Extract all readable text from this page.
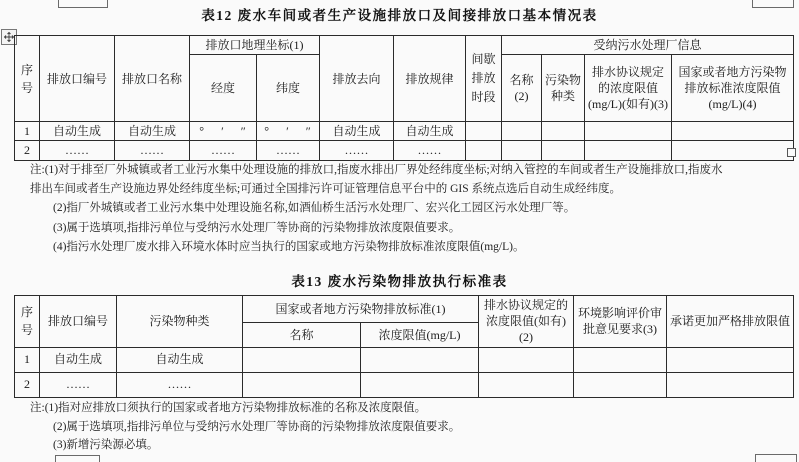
表12 废水车间或者生产设施排放口及间接排放口基本情况表
序号	排放口编号	排放口名称	排放口地理坐标(1)		排放去向	排放规律	间歇排放时段	受纳污水处理厂信息			
			经度	纬度				名称(2)	污染物种类	排水协议规定的浓度限值(mg/L)(如有)(3)	国家或者地方污染物排放标准浓度限值(mg/L)(4)
1	自动生成	自动生成	°    ′    ″	°    ′    ″	自动生成	自动生成					
2	……	……	……	……	……	……					
注:(1)对于排至厂外城镇或者工业污水集中处理设施的排放口,指废水排出厂界处经纬度坐标;对纳入管控的车间或者生产设施排放口,指废水
排出车间或者生产设施边界处经纬度坐标;可通过全国排污许可证管理信息平台中的 GIS 系统点选后自动生成经纬度。
(2)指厂外城镇或者工业污水集中处理设施名称,如酒仙桥生活污水处理厂、宏兴化工园区污水处理厂等。
(3)属于选填项,指排污单位与受纳污水处理厂等协商的污染物排放浓度限值要求。
(4)指污水处理厂废水排入环境水体时应当执行的国家或地方污染物排放标准浓度限值(mg/L)。
表13 废水污染物排放执行标准表
序号	排放口编号	污染物种类	国家或者地方污染物排放标准(1)		排水协议规定的浓度限值(如有)(2)	环境影响评价审批意见要求(3)	承诺更加严格排放限值
			名称	浓度限值(mg/L)			
1	自动生成	自动生成					
2	……	……					
注:(1)指对应排放口须执行的国家或者地方污染物排放标准的名称及浓度限值。
(2)属于选填项,指排污单位与受纳污水处理厂等协商的污染物排放浓度限值要求。
(3)新增污染源必填。
